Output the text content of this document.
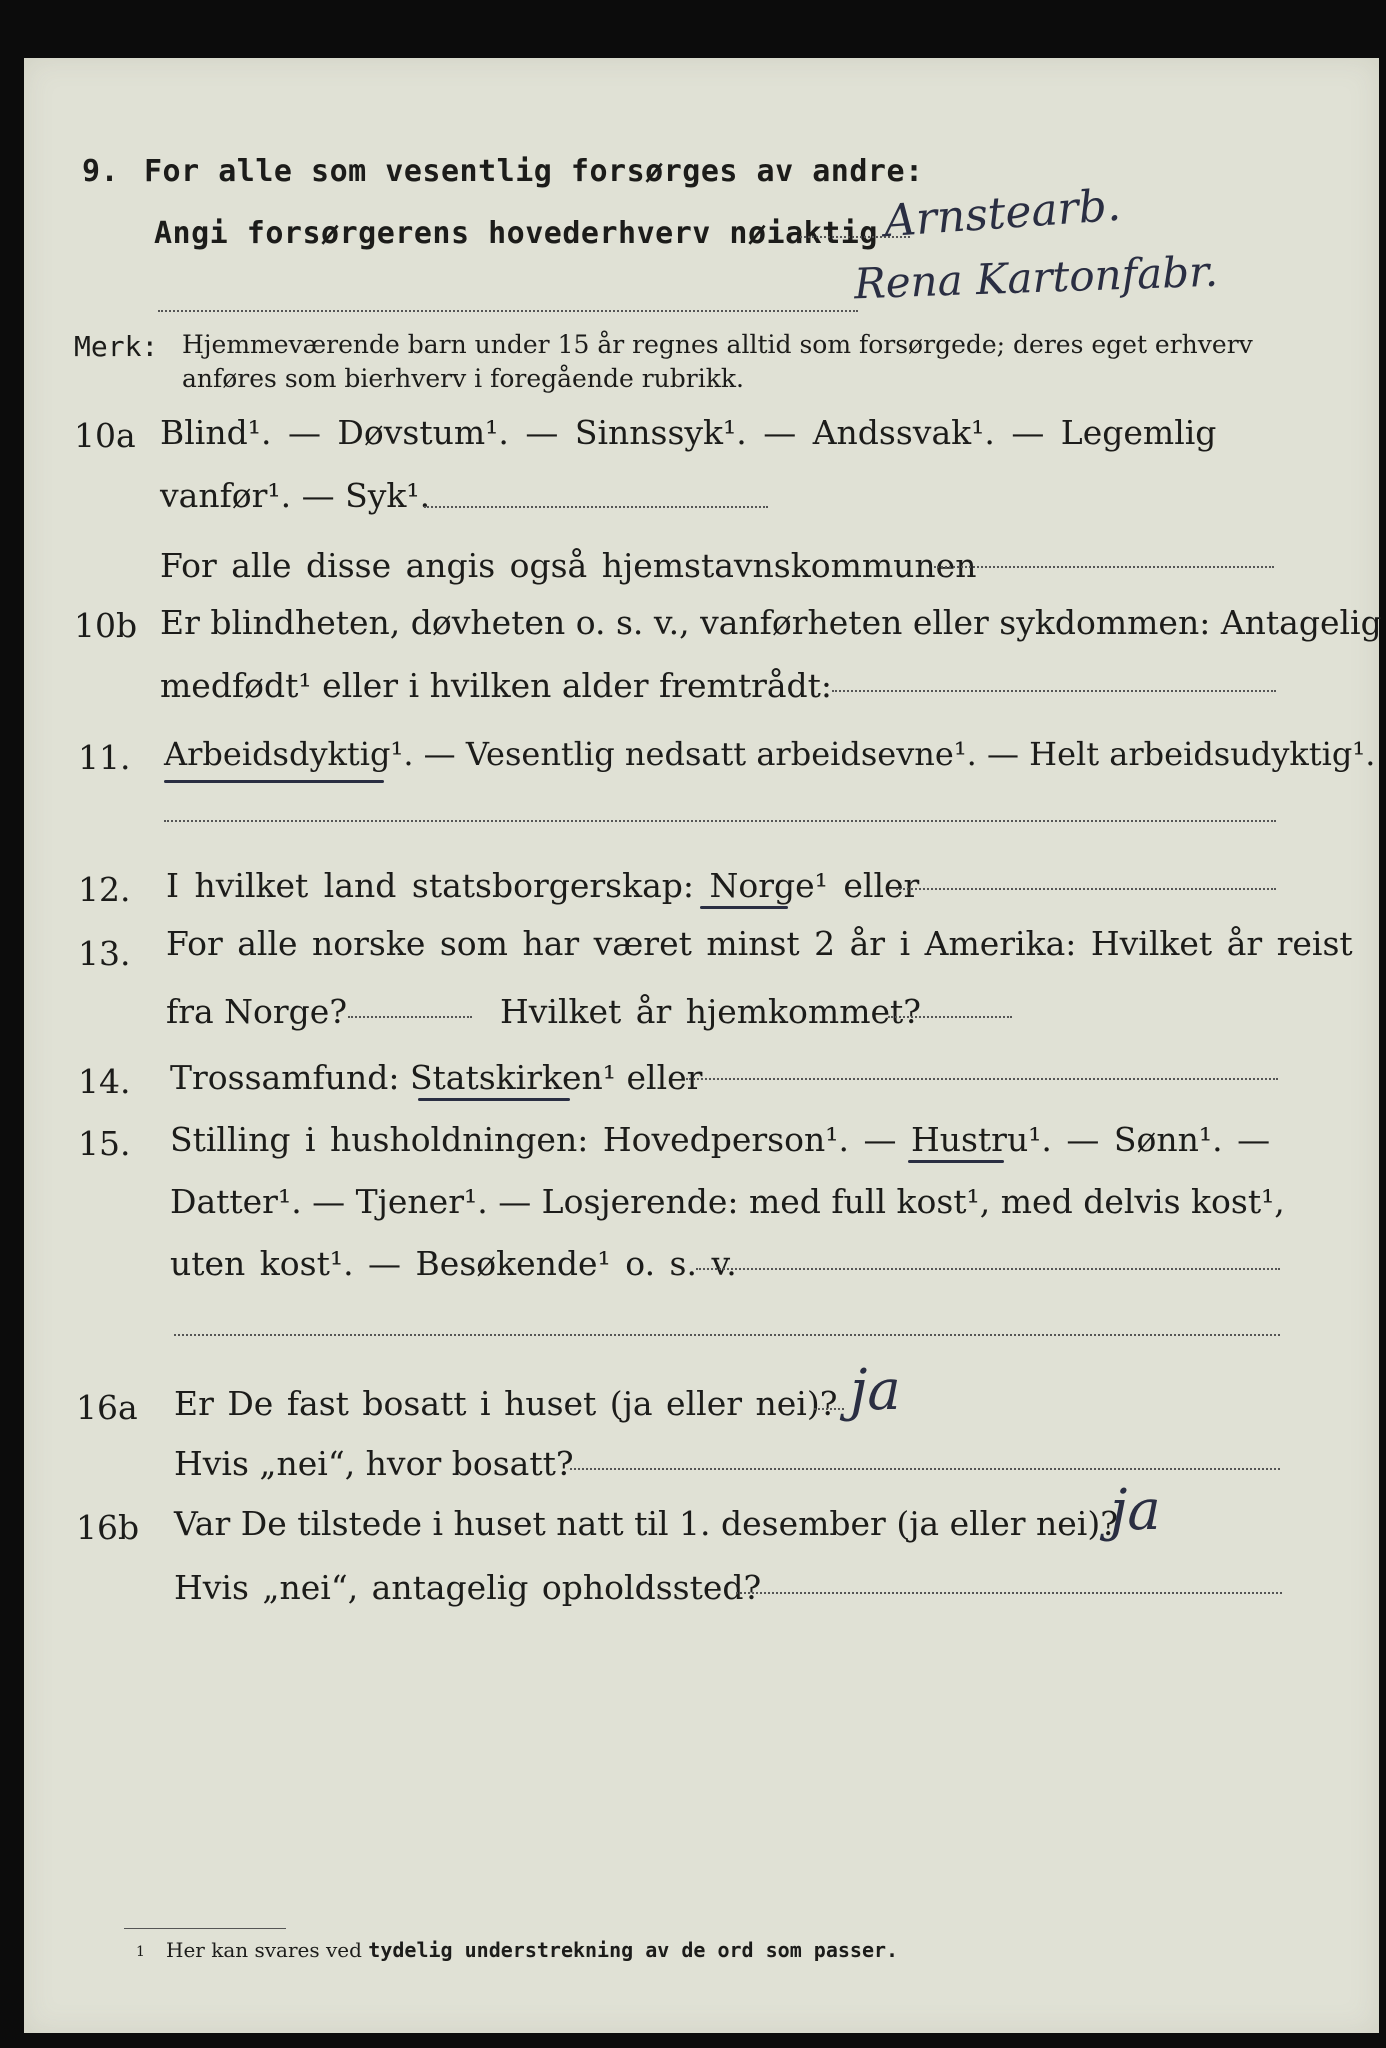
9. For alle som vesentlig forsørges av andre:
Angi forsørgerens hovederhverv nøiaktig Arnstearb.
Rena Kartonfabr.
Merk: Hjemmeværende barn under 15 år regnes alltid som forsørgede; deres eget erhverv
anføres som bierhverv i foregående rubrikk.
10a Blind¹. — Døvstum¹. — Sinnssyk¹. — Andssvak¹. — Legemlig
vanfør¹. — Syk¹.
For alle disse angis også hjemstavnskommunen
10b Er blindheten, døvheten o. s. v., vanførheten eller sykdommen: Antagelig
medfødt¹ eller i hvilken alder fremtrådt:
11. Arbeidsdyktig¹. — Vesentlig nedsatt arbeidsevne¹. — Helt arbeidsudyktig¹.
12. I hvilket land statsborgerskap: Norge¹ eller
13. For alle norske som har været minst 2 år i Amerika: Hvilket år reist
fra Norge?	Hvilket år hjemkommet?
14. Trossamfund: Statskirken¹ eller
15. Stilling i husholdningen: Hovedperson¹. — Hustru¹. — Sønn¹. —
Datter¹. — Tjener¹. — Losjerende: med full kost¹, med delvis kost¹,
uten kost¹. — Besøkende¹ o. s. v.
16a Er De fast bosatt i huset (ja eller nei)? ja
Hvis „nei“, hvor bosatt?
16b Var De tilstede i huset natt til 1. desember (ja eller nei)?
ja
Hvis „nei“, antagelig opholdssted?
1 Her kan svares ved tydelig understrekning av de ord som passer.
